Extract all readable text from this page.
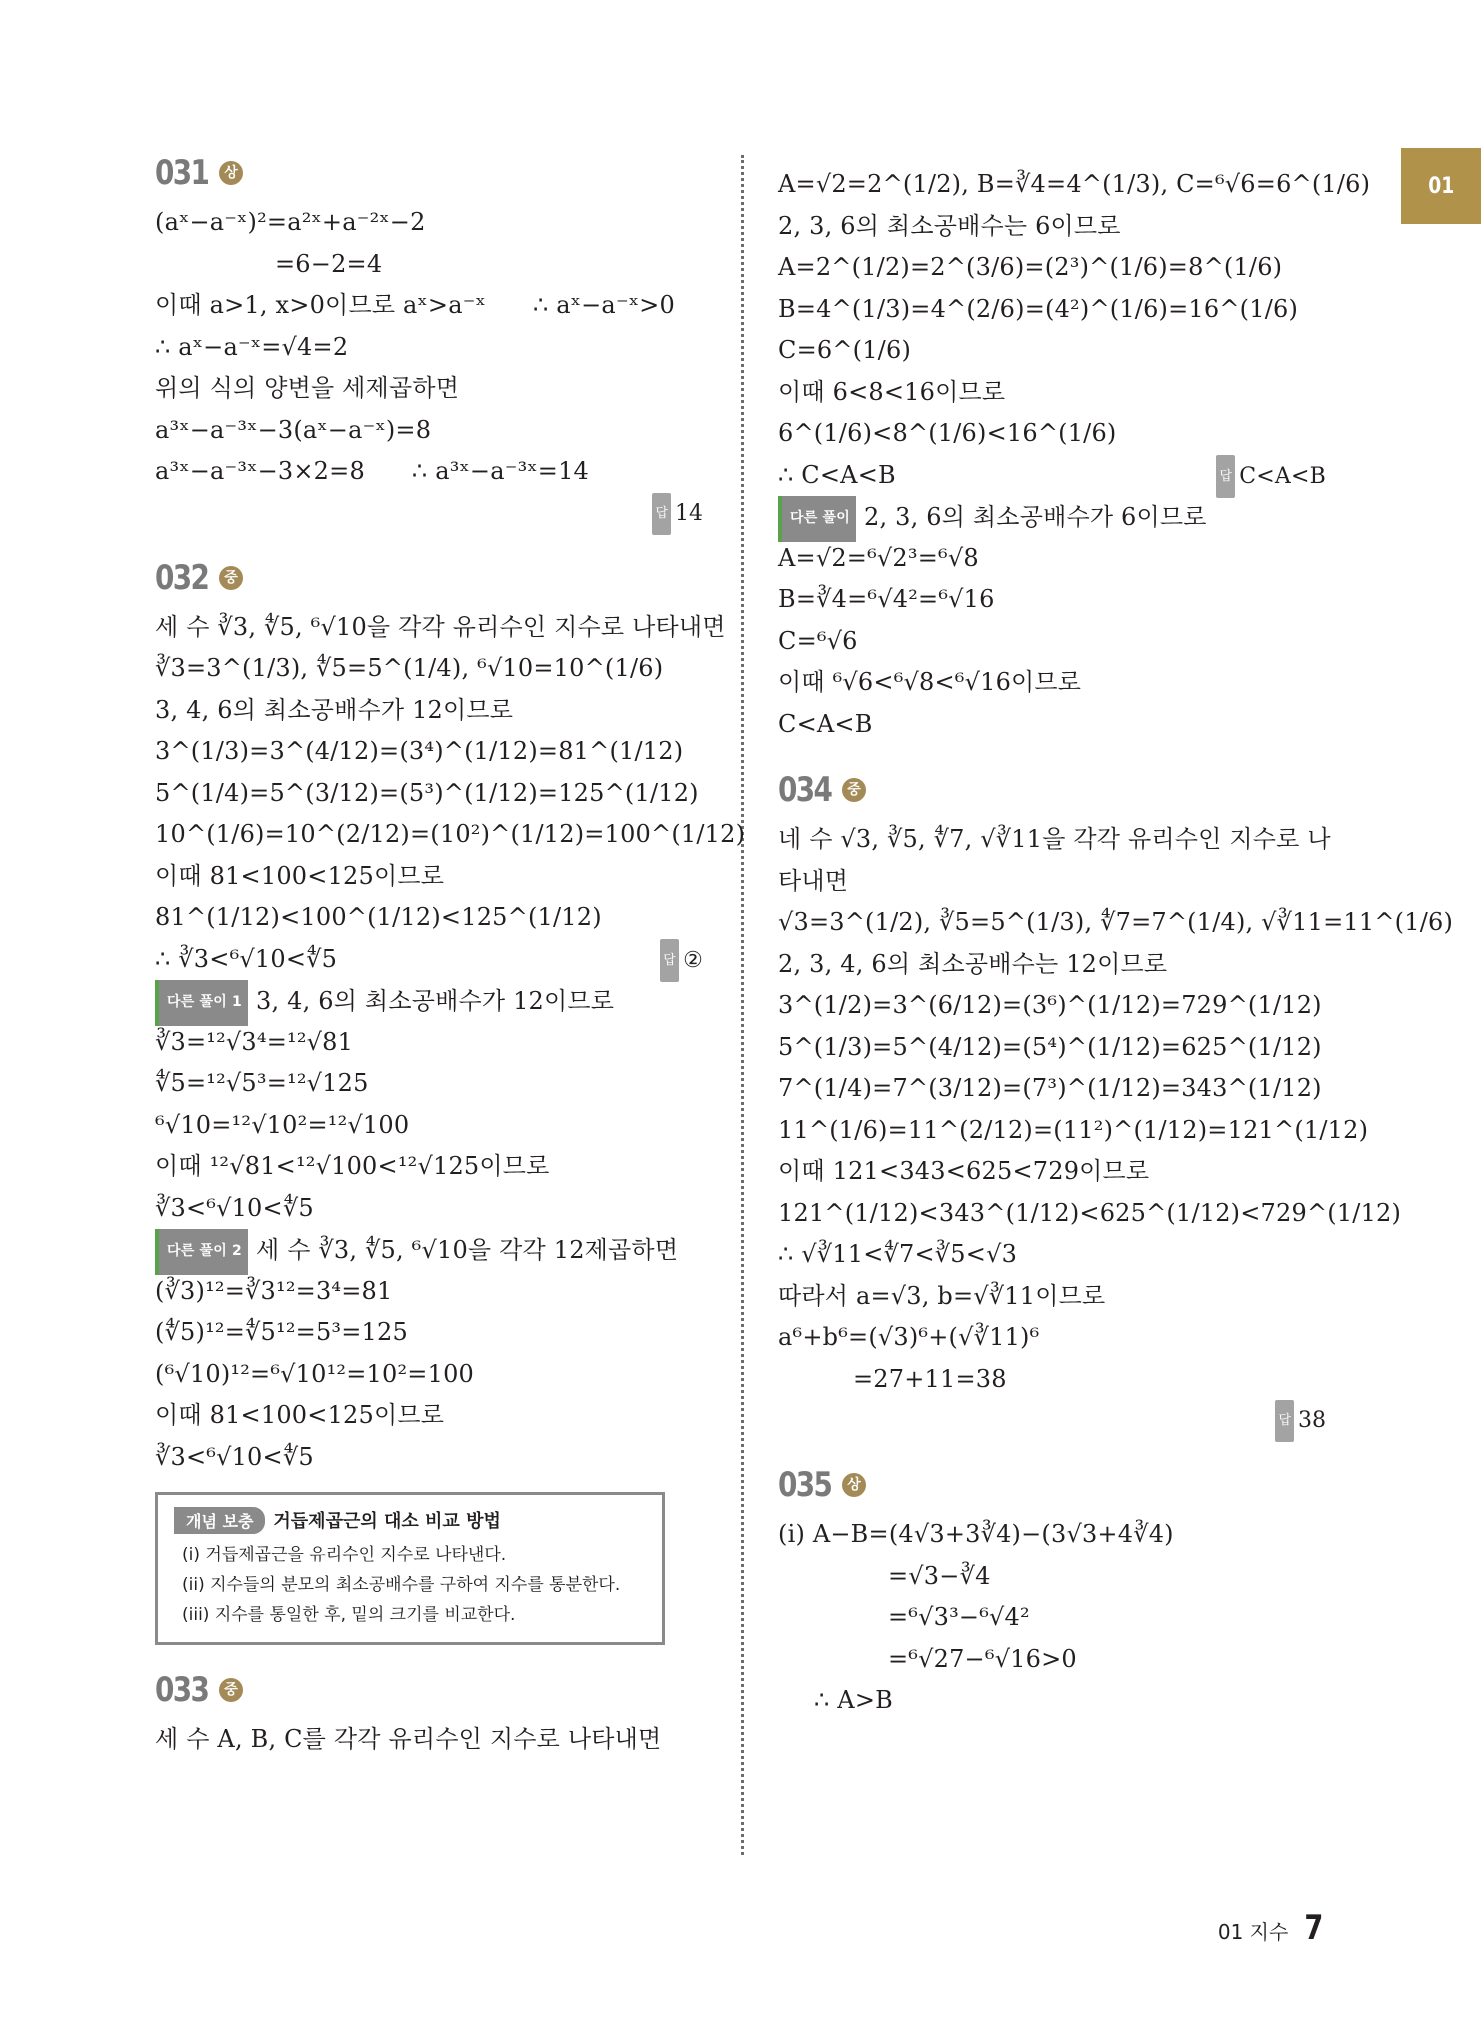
01
031	상
(aˣ−a⁻ˣ)²=a²ˣ+a⁻²ˣ−2
=6−2=4
이때 a>1, x>0이므로 aˣ>a⁻ˣ      ∴ aˣ−a⁻ˣ>0
∴ aˣ−a⁻ˣ=√4=2
위의 식의 양변을 세제곱하면
a³ˣ−a⁻³ˣ−3(aˣ−a⁻ˣ)=8
a³ˣ−a⁻³ˣ−3×2=8      ∴ a³ˣ−a⁻³ˣ=14
답 14
032	중
세 수 ∛3, ∜5, ⁶√10을 각각 유리수인 지수로 나타내면
∛3=3^(1/3), ∜5=5^(1/4), ⁶√10=10^(1/6)
3, 4, 6의 최소공배수가 12이므로
3^(1/3)=3^(4/12)=(3⁴)^(1/12)=81^(1/12)
5^(1/4)=5^(3/12)=(5³)^(1/12)=125^(1/12)
10^(1/6)=10^(2/12)=(10²)^(1/12)=100^(1/12)
이때 81<100<125이므로
81^(1/12)<100^(1/12)<125^(1/12)
∴ ∛3<⁶√10<∜5	답 ②
다른 풀이 1 3, 4, 6의 최소공배수가 12이므로
∛3=¹²√3⁴=¹²√81
∜5=¹²√5³=¹²√125
⁶√10=¹²√10²=¹²√100
이때 ¹²√81<¹²√100<¹²√125이므로
∛3<⁶√10<∜5
다른 풀이 2 세 수 ∛3, ∜5, ⁶√10을 각각 12제곱하면
(∛3)¹²=∛3¹²=3⁴=81
(∜5)¹²=∜5¹²=5³=125
(⁶√10)¹²=⁶√10¹²=10²=100
이때 81<100<125이므로
∛3<⁶√10<∜5
개념 보충 거듭제곱근의 대소 비교 방법
(i) 거듭제곱근을 유리수인 지수로 나타낸다.
(ii) 지수들의 분모의 최소공배수를 구하여 지수를 통분한다.
(iii) 지수를 통일한 후, 밑의 크기를 비교한다.
033	중
세 수 A, B, C를 각각 유리수인 지수로 나타내면
A=√2=2^(1/2), B=∛4=4^(1/3), C=⁶√6=6^(1/6)
2, 3, 6의 최소공배수는 6이므로
A=2^(1/2)=2^(3/6)=(2³)^(1/6)=8^(1/6)
B=4^(1/3)=4^(2/6)=(4²)^(1/6)=16^(1/6)
C=6^(1/6)
이때 6<8<16이므로
6^(1/6)<8^(1/6)<16^(1/6)
∴ C<A<B	답 C<A<B
다른 풀이 2, 3, 6의 최소공배수가 6이므로
A=√2=⁶√2³=⁶√8
B=∛4=⁶√4²=⁶√16
C=⁶√6
이때 ⁶√6<⁶√8<⁶√16이므로
C<A<B
034	중
네 수 √3, ∛5, ∜7, √∛11을 각각 유리수인 지수로 나
타내면
√3=3^(1/2), ∛5=5^(1/3), ∜7=7^(1/4), √∛11=11^(1/6)
2, 3, 4, 6의 최소공배수는 12이므로
3^(1/2)=3^(6/12)=(3⁶)^(1/12)=729^(1/12)
5^(1/3)=5^(4/12)=(5⁴)^(1/12)=625^(1/12)
7^(1/4)=7^(3/12)=(7³)^(1/12)=343^(1/12)
11^(1/6)=11^(2/12)=(11²)^(1/12)=121^(1/12)
이때 121<343<625<729이므로
121^(1/12)<343^(1/12)<625^(1/12)<729^(1/12)
∴ √∛11<∜7<∛5<√3
따라서 a=√3, b=√∛11이므로
a⁶+b⁶=(√3)⁶+(√∛11)⁶
=27+11=38
답 38
035	상
(i) A−B=(4√3+3∛4)−(3√3+4∛4)
=√3−∛4
=⁶√3³−⁶√4²
=⁶√27−⁶√16>0
∴ A>B
01 지수 7
